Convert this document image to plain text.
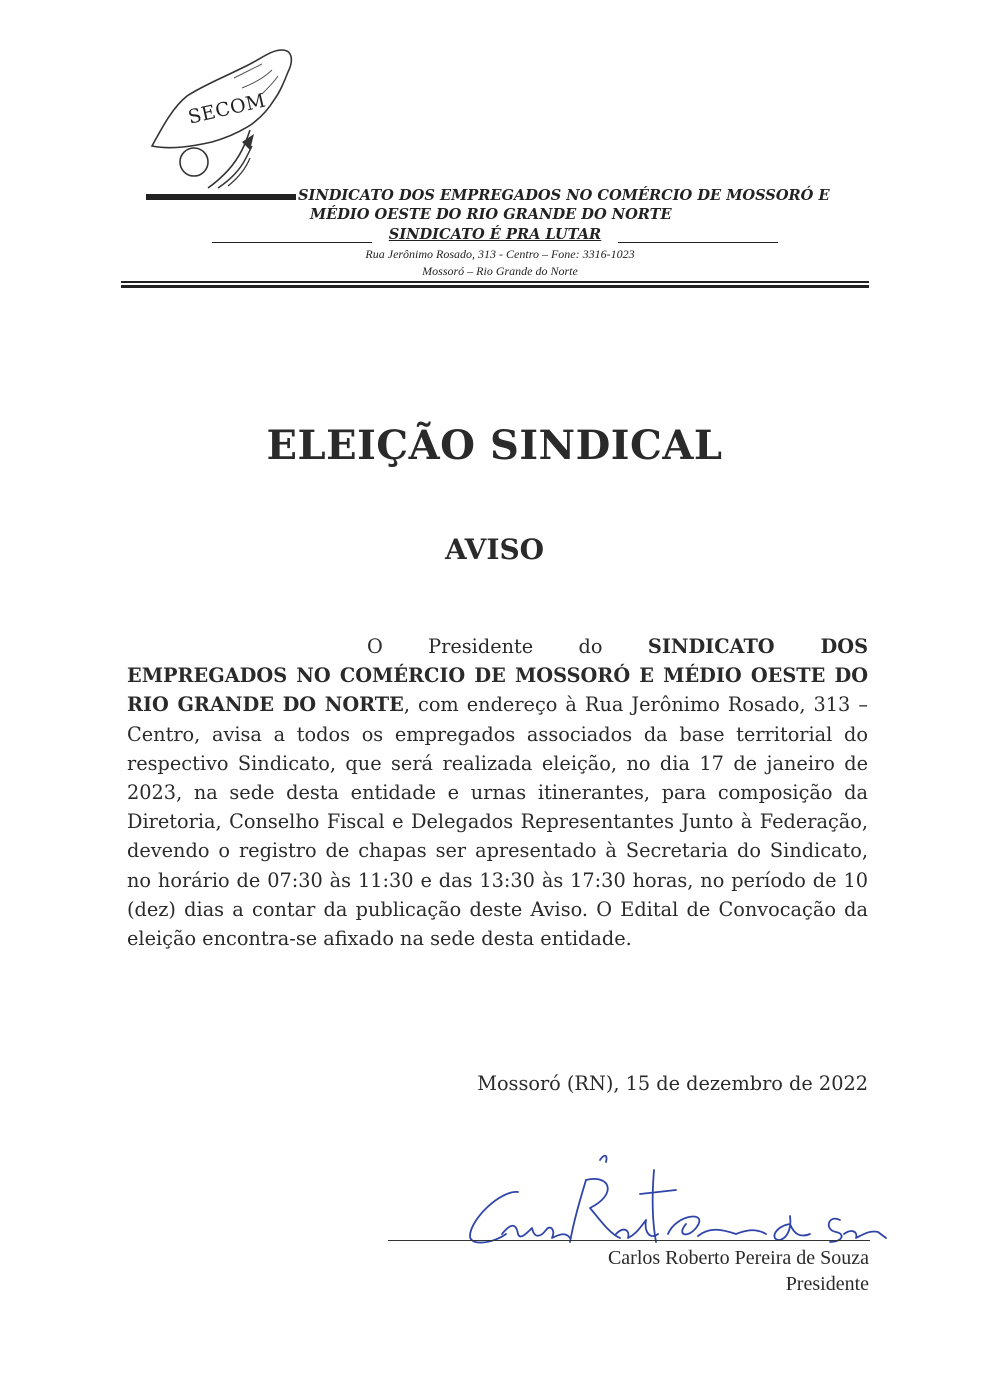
SECOM
SINDICATO DOS EMPREGADOS NO COMÉRCIO DE MOSSORÓ E
MÉDIO OESTE DO RIO GRANDE DO NORTE
SINDICATO É PRA LUTAR
Rua Jerônimo Rosado, 313 - Centro – Fone: 3316-1023
Mossoró – Rio Grande do Norte
ELEIÇÃO SINDICAL
AVISO
O Presidente do SINDICATO DOS EMPREGADOS NO COMÉRCIO DE MOSSORÓ E MÉDIO OESTE DO RIO GRANDE DO NORTE, com endereço à Rua Jerônimo Rosado, 313 – Centro, avisa a todos os empregados associados da base territorial do respectivo Sindicato, que será realizada eleição, no dia 17 de janeiro de 2023, na sede desta entidade e urnas itinerantes, para composição da Diretoria, Conselho Fiscal e Delegados Representantes Junto à Federação, devendo o registro de chapas ser apresentado à Secretaria do Sindicato, no horário de 07:30 às 11:30 e das 13:30 às 17:30 horas, no período de 10 (dez) dias a contar da publicação deste Aviso. O Edital de Convocação da eleição encontra-se afixado na sede desta entidade.
Mossoró (RN), 15 de dezembro de 2022
Carlos Roberto Pereira de Souza
Carlos Roberto Pereira de Souza
Presidente
